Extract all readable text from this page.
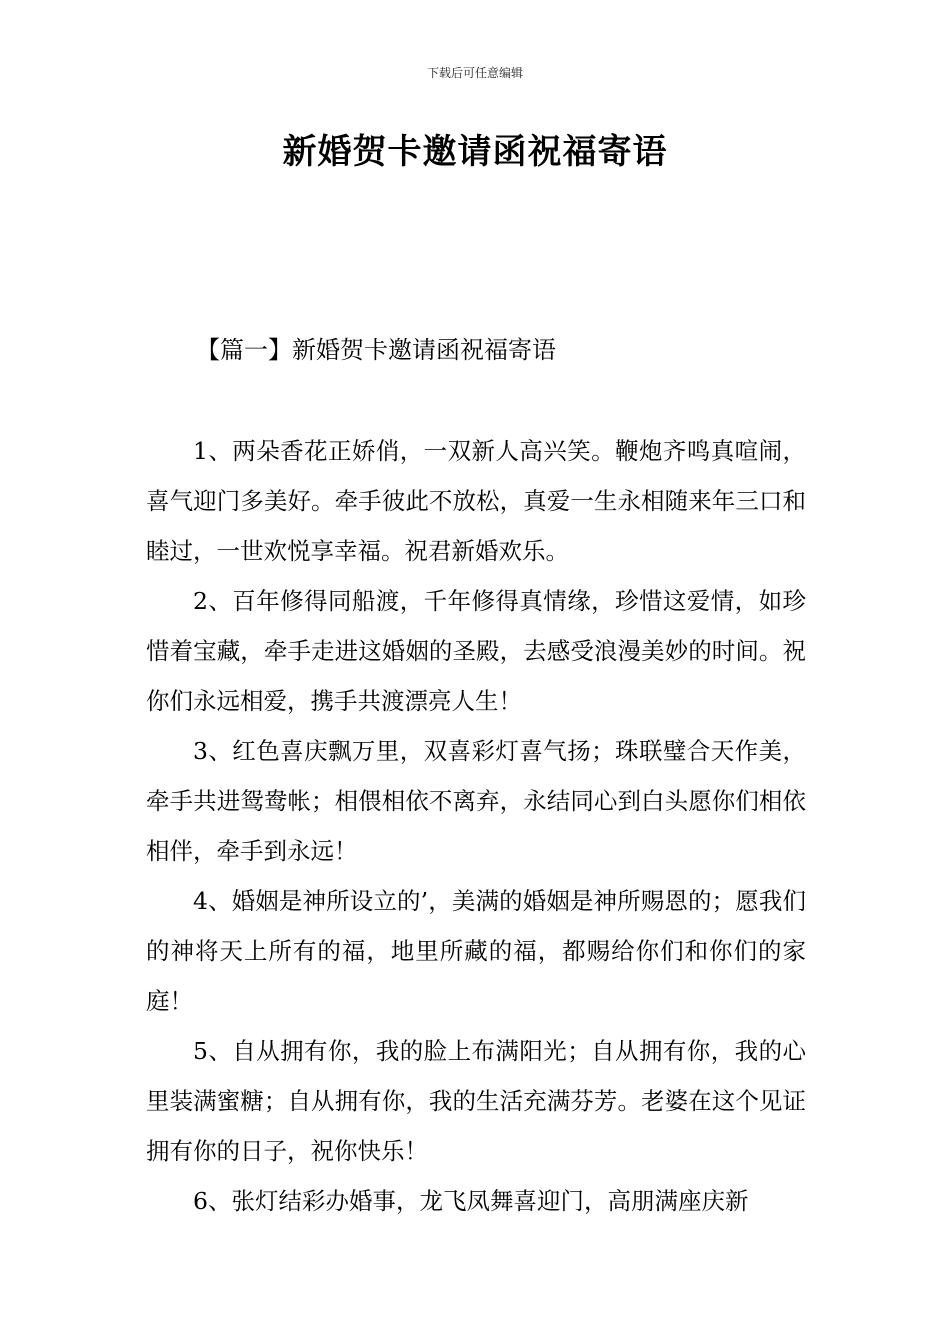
下载后可任意编辑
新婚贺卡邀请函祝福寄语
【篇一】新婚贺卡邀请函祝福寄语

1、两朵香花正娇俏，一双新人高兴笑。鞭炮齐鸣真喧闹，喜气迎门多美好。牵手彼此不放松，真爱一生永相随来年三口和睦过，一世欢悦享幸福。祝君新婚欢乐。

2、百年修得同船渡，千年修得真情缘，珍惜这爱情，如珍惜着宝藏，牵手走进这婚姻的圣殿，去感受浪漫美妙的时间。祝你们永远相爱，携手共渡漂亮人生！

3、红色喜庆飘万里，双喜彩灯喜气扬；珠联璧合天作美，牵手共进鸳鸯帐；相偎相依不离弃，永结同心到白头愿你们相依相伴，牵手到永远！

4、婚姻是神所设立的’，美满的婚姻是神所赐恩的；愿我们的神将天上所有的福，地里所藏的福，都赐给你们和你们的家庭！

5、自从拥有你，我的脸上布满阳光；自从拥有你，我的心里装满蜜糖；自从拥有你，我的生活充满芬芳。老婆在这个见证拥有你的日子，祝你快乐！

6、张灯结彩办婚事，龙飞凤舞喜迎门，高朋满座庆新
